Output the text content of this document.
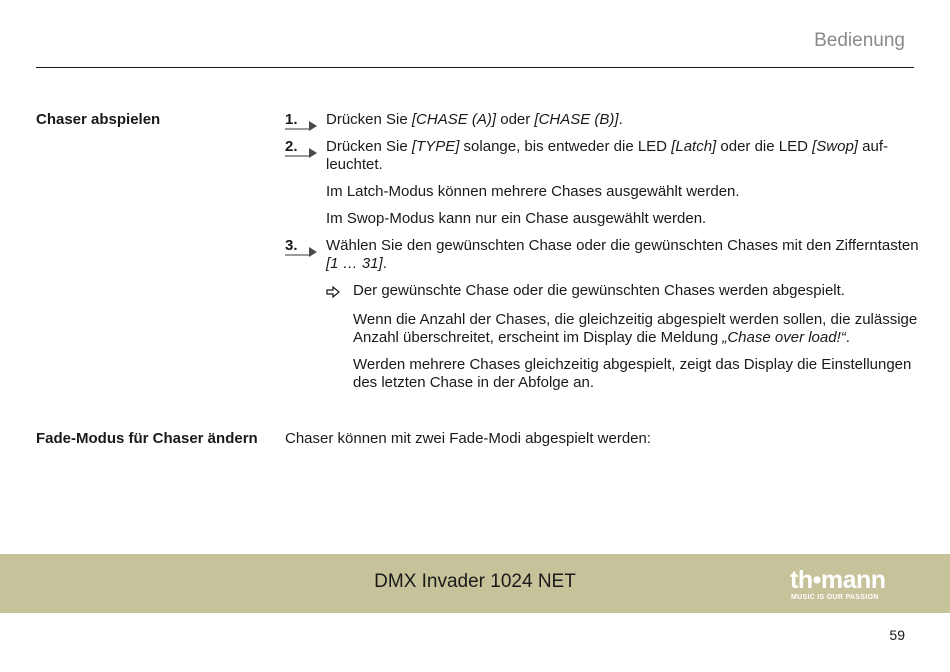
Bedienung
Chaser abspielen	1.	Drücken Sie [CHASE (A)] oder [CHASE (B)].
2.	Drücken Sie [TYPE] solange, bis entweder die LED [Latch] oder die LED [Swop] auf-
leuchtet.
Im Latch-Modus können mehrere Chases ausgewählt werden.
Im Swop-Modus kann nur ein Chase ausgewählt werden.
3.	Wählen Sie den gewünschten Chase oder die gewünschten Chases mit den Zifferntasten
[1 … 31].
Der gewünschte Chase oder die gewünschten Chases werden abgespielt.
Wenn die Anzahl der Chases, die gleichzeitig abgespielt werden sollen, die zulässige
Anzahl überschreitet, erscheint im Display die Meldung „Chase over load!“.
Werden mehrere Chases gleichzeitig abgespielt, zeigt das Display die Einstellungen
des letzten Chase in der Abfolge an.
Fade-Modus für Chaser ändern Chaser können mit zwei Fade-Modi abgespielt werden:
DMX Invader 1024 NET	th•mann
MUSIC IS OUR PASSION
59
